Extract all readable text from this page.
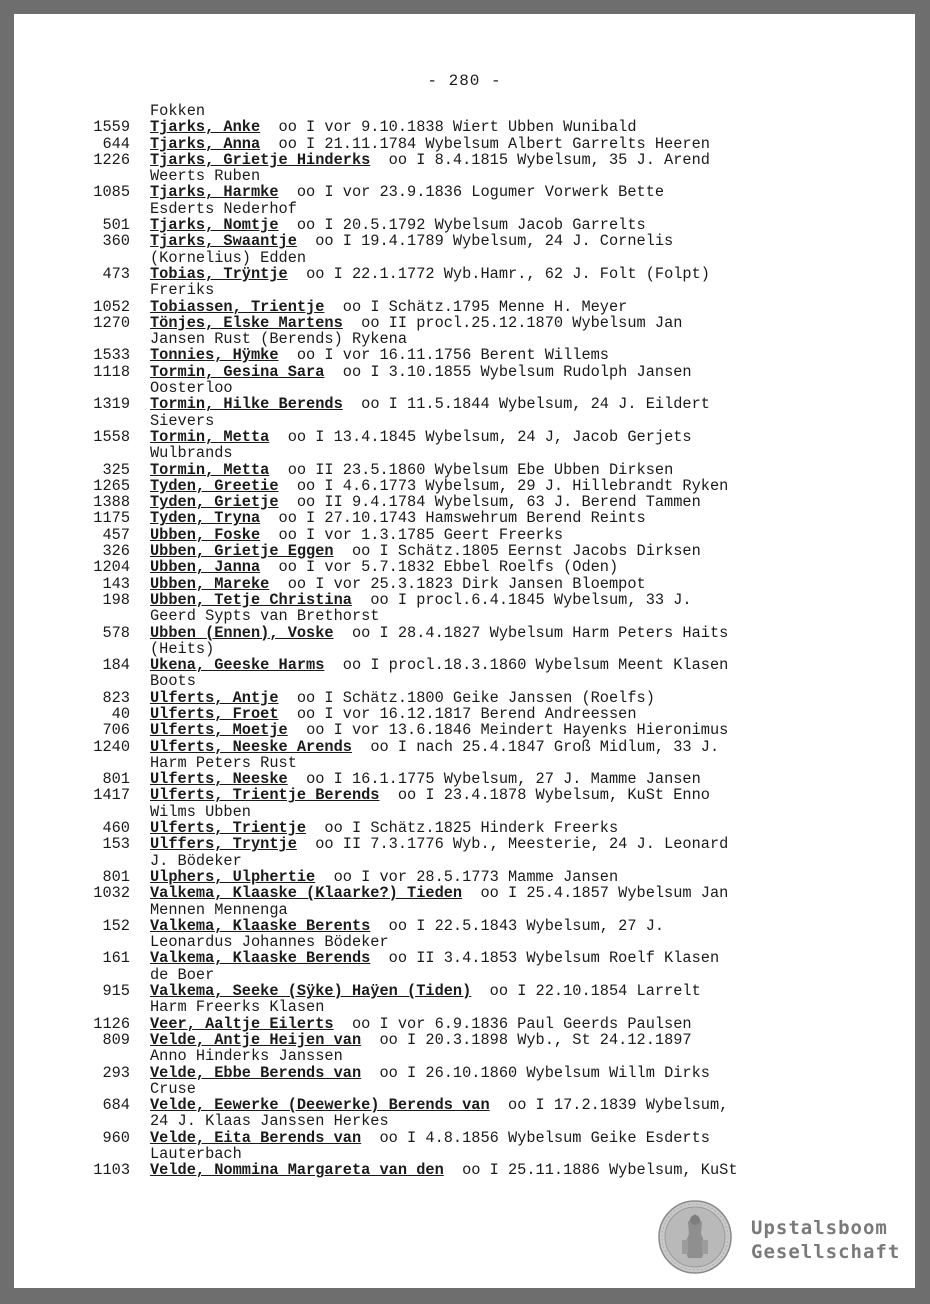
- 280 -
Fokken
1559 Tjarks, Anke oo I vor 9.10.1838 Wiert Ubben Wunibald
644 Tjarks, Anna oo I 21.11.1784 Wybelsum Albert Garrelts Heeren
1226 Tjarks, Grietje Hinderks oo I 8.4.1815 Wybelsum, 35 J. Arend
Weerts Ruben
1085 Tjarks, Harmke oo I vor 23.9.1836 Logumer Vorwerk Bette
Esderts Nederhof
501 Tjarks, Nomtje oo I 20.5.1792 Wybelsum Jacob Garrelts
360 Tjarks, Swaantje oo I 19.4.1789 Wybelsum, 24 J. Cornelis
(Kornelius) Edden
473 Tobias, Trÿntje oo I 22.1.1772 Wyb.Hamr., 62 J. Folt (Folpt)
Freriks
1052 Tobiassen, Trientje oo I Schätz.1795 Menne H. Meyer
1270 Tönjes, Elske Martens oo II procl.25.12.1870 Wybelsum Jan
Jansen Rust (Berends) Rykena
1533 Tonnies, Hÿmke oo I vor 16.11.1756 Berent Willems
1118 Tormin, Gesina Sara oo I 3.10.1855 Wybelsum Rudolph Jansen
Oosterloo
1319 Tormin, Hilke Berends oo I 11.5.1844 Wybelsum, 24 J. Eildert
Sievers
1558 Tormin, Metta oo I 13.4.1845 Wybelsum, 24 J, Jacob Gerjets
Wulbrands
325 Tormin, Metta oo II 23.5.1860 Wybelsum Ebe Ubben Dirksen
1265 Tyden, Greetie oo I 4.6.1773 Wybelsum, 29 J. Hillebrandt Ryken
1388 Tyden, Grietje oo II 9.4.1784 Wybelsum, 63 J. Berend Tammen
1175 Tyden, Tryna oo I 27.10.1743 Hamswehrum Berend Reints
457 Ubben, Foske oo I vor 1.3.1785 Geert Freerks
326 Ubben, Grietje Eggen oo I Schätz.1805 Eernst Jacobs Dirksen
1204 Ubben, Janna oo I vor 5.7.1832 Ebbel Roelfs (Oden)
143 Ubben, Mareke oo I vor 25.3.1823 Dirk Jansen Bloempot
198 Ubben, Tetje Christina oo I procl.6.4.1845 Wybelsum, 33 J.
Geerd Sypts van Brethorst
578 Ubben (Ennen), Voske oo I 28.4.1827 Wybelsum Harm Peters Haits
(Heits)
184 Ukena, Geeske Harms oo I procl.18.3.1860 Wybelsum Meent Klasen
Boots
823 Ulferts, Antje oo I Schätz.1800 Geike Janssen (Roelfs)
40 Ulferts, Froet oo I vor 16.12.1817 Berend Andreessen
706 Ulferts, Moetje oo I vor 13.6.1846 Meindert Hayenks Hieronimus
1240 Ulferts, Neeske Arends oo I nach 25.4.1847 Groß Midlum, 33 J.
Harm Peters Rust
801 Ulferts, Neeske oo I 16.1.1775 Wybelsum, 27 J. Mamme Jansen
1417 Ulferts, Trientje Berends oo I 23.4.1878 Wybelsum, KuSt Enno
Wilms Ubben
460 Ulferts, Trientje oo I Schätz.1825 Hinderk Freerks
153 Ulffers, Tryntje oo II 7.3.1776 Wyb., Meesterie, 24 J. Leonard
J. Bödeker
801 Ulphers, Ulphertie oo I vor 28.5.1773 Mamme Jansen
1032 Valkema, Klaaske (Klaarke?) Tieden oo I 25.4.1857 Wybelsum Jan
Mennen Mennenga
152 Valkema, Klaaske Berents oo I 22.5.1843 Wybelsum, 27 J.
Leonardus Johannes Bödeker
161 Valkema, Klaaske Berends oo II 3.4.1853 Wybelsum Roelf Klasen
de Boer
915 Valkema, Seeke (Sÿke) Haÿen (Tiden) oo I 22.10.1854 Larrelt
Harm Freerks Klasen
1126 Veer, Aaltje Eilerts oo I vor 6.9.1836 Paul Geerds Paulsen
809 Velde, Antje Heijen van oo I 20.3.1898 Wyb., St 24.12.1897
Anno Hinderks Janssen
293 Velde, Ebbe Berends van oo I 26.10.1860 Wybelsum Willm Dirks
Cruse
684 Velde, Eewerke (Deewerke) Berends van oo I 17.2.1839 Wybelsum,
24 J. Klaas Janssen Herkes
960 Velde, Eita Berends van oo I 4.8.1856 Wybelsum Geike Esderts
Lauterbach
1103 Velde, Nommina Margareta van den oo I 25.11.1886 Wybelsum, KuSt
Upstalsboom
Gesellschaft
